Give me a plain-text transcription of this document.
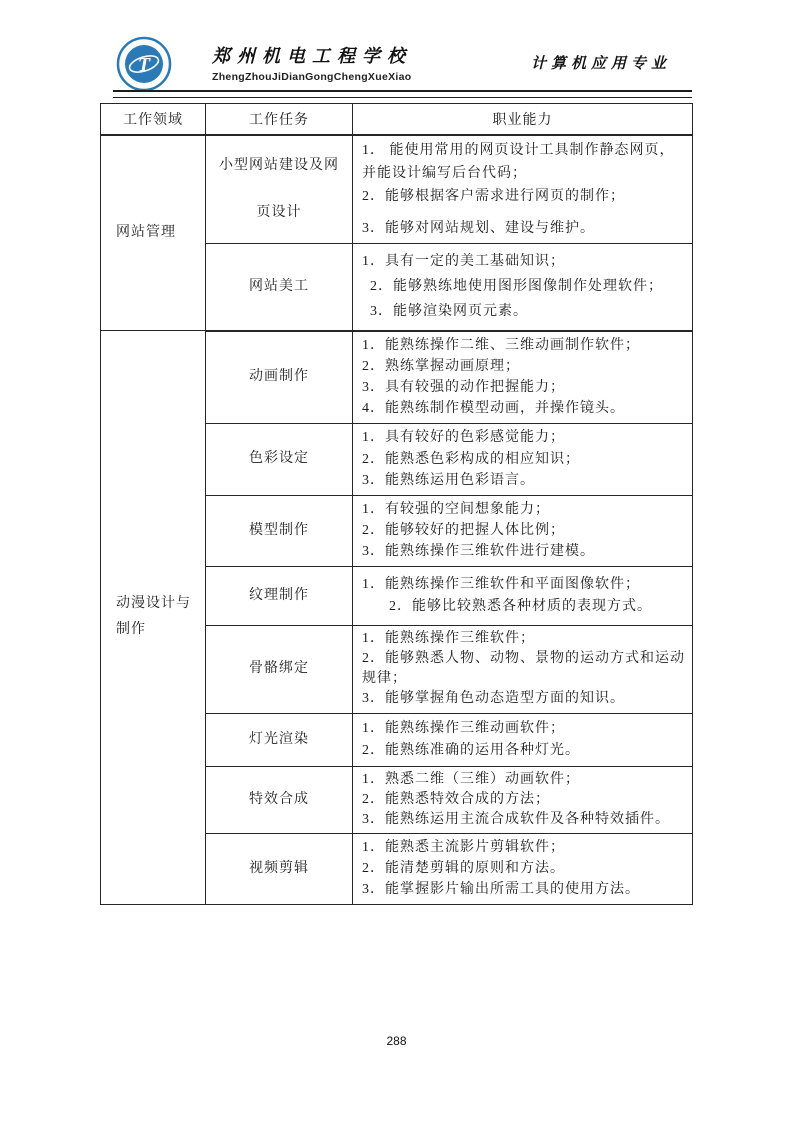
T	郑州机电工程学校
ZhengZhouJiDianGongChengXueXiao
计算机应用专业
工作领域	工作任务	职业能力
网站管理	小型网站建设及网页设计	1． 能使用常用的网页设计工具制作静态网页，并能设计编写后台代码；
2．能够根据客户需求进行网页的制作；
3．能够对网站规划、建设与维护。

	网站美工	1．具有一定的美工基础知识；
2．能够熟练地使用图形图像制作处理软件；
3．能够渲染网页元素。

动漫设计与制作	动画制作	1．能熟练操作二维、三维动画制作软件；
2．熟练掌握动画原理；
3．具有较强的动作把握能力；
4．能熟练制作模型动画，并操作镜头。

	色彩设定	1．具有较好的色彩感觉能力；
2．能熟悉色彩构成的相应知识；
3．能熟练运用色彩语言。

	模型制作	1．有较强的空间想象能力；
2．能够较好的把握人体比例；
3．能熟练操作三维软件进行建模。

	纹理制作	1．能熟练操作三维软件和平面图像软件；
2．能够比较熟悉各种材质的表现方式。

	骨骼绑定	1．能熟练操作三维软件；
2．能够熟悉人物、动物、景物的运动方式和运动规律；
3．能够掌握角色动态造型方面的知识。

	灯光渲染	1．能熟练操作三维动画软件；
2．能熟练准确的运用各种灯光。

	特效合成	1．熟悉二维（三维）动画软件；
2．能熟悉特效合成的方法；
3．能熟练运用主流合成软件及各种特效插件。

	视频剪辑	1．能熟悉主流影片剪辑软件；
2．能清楚剪辑的原则和方法。
3．能掌握影片输出所需工具的使用方法。
288
